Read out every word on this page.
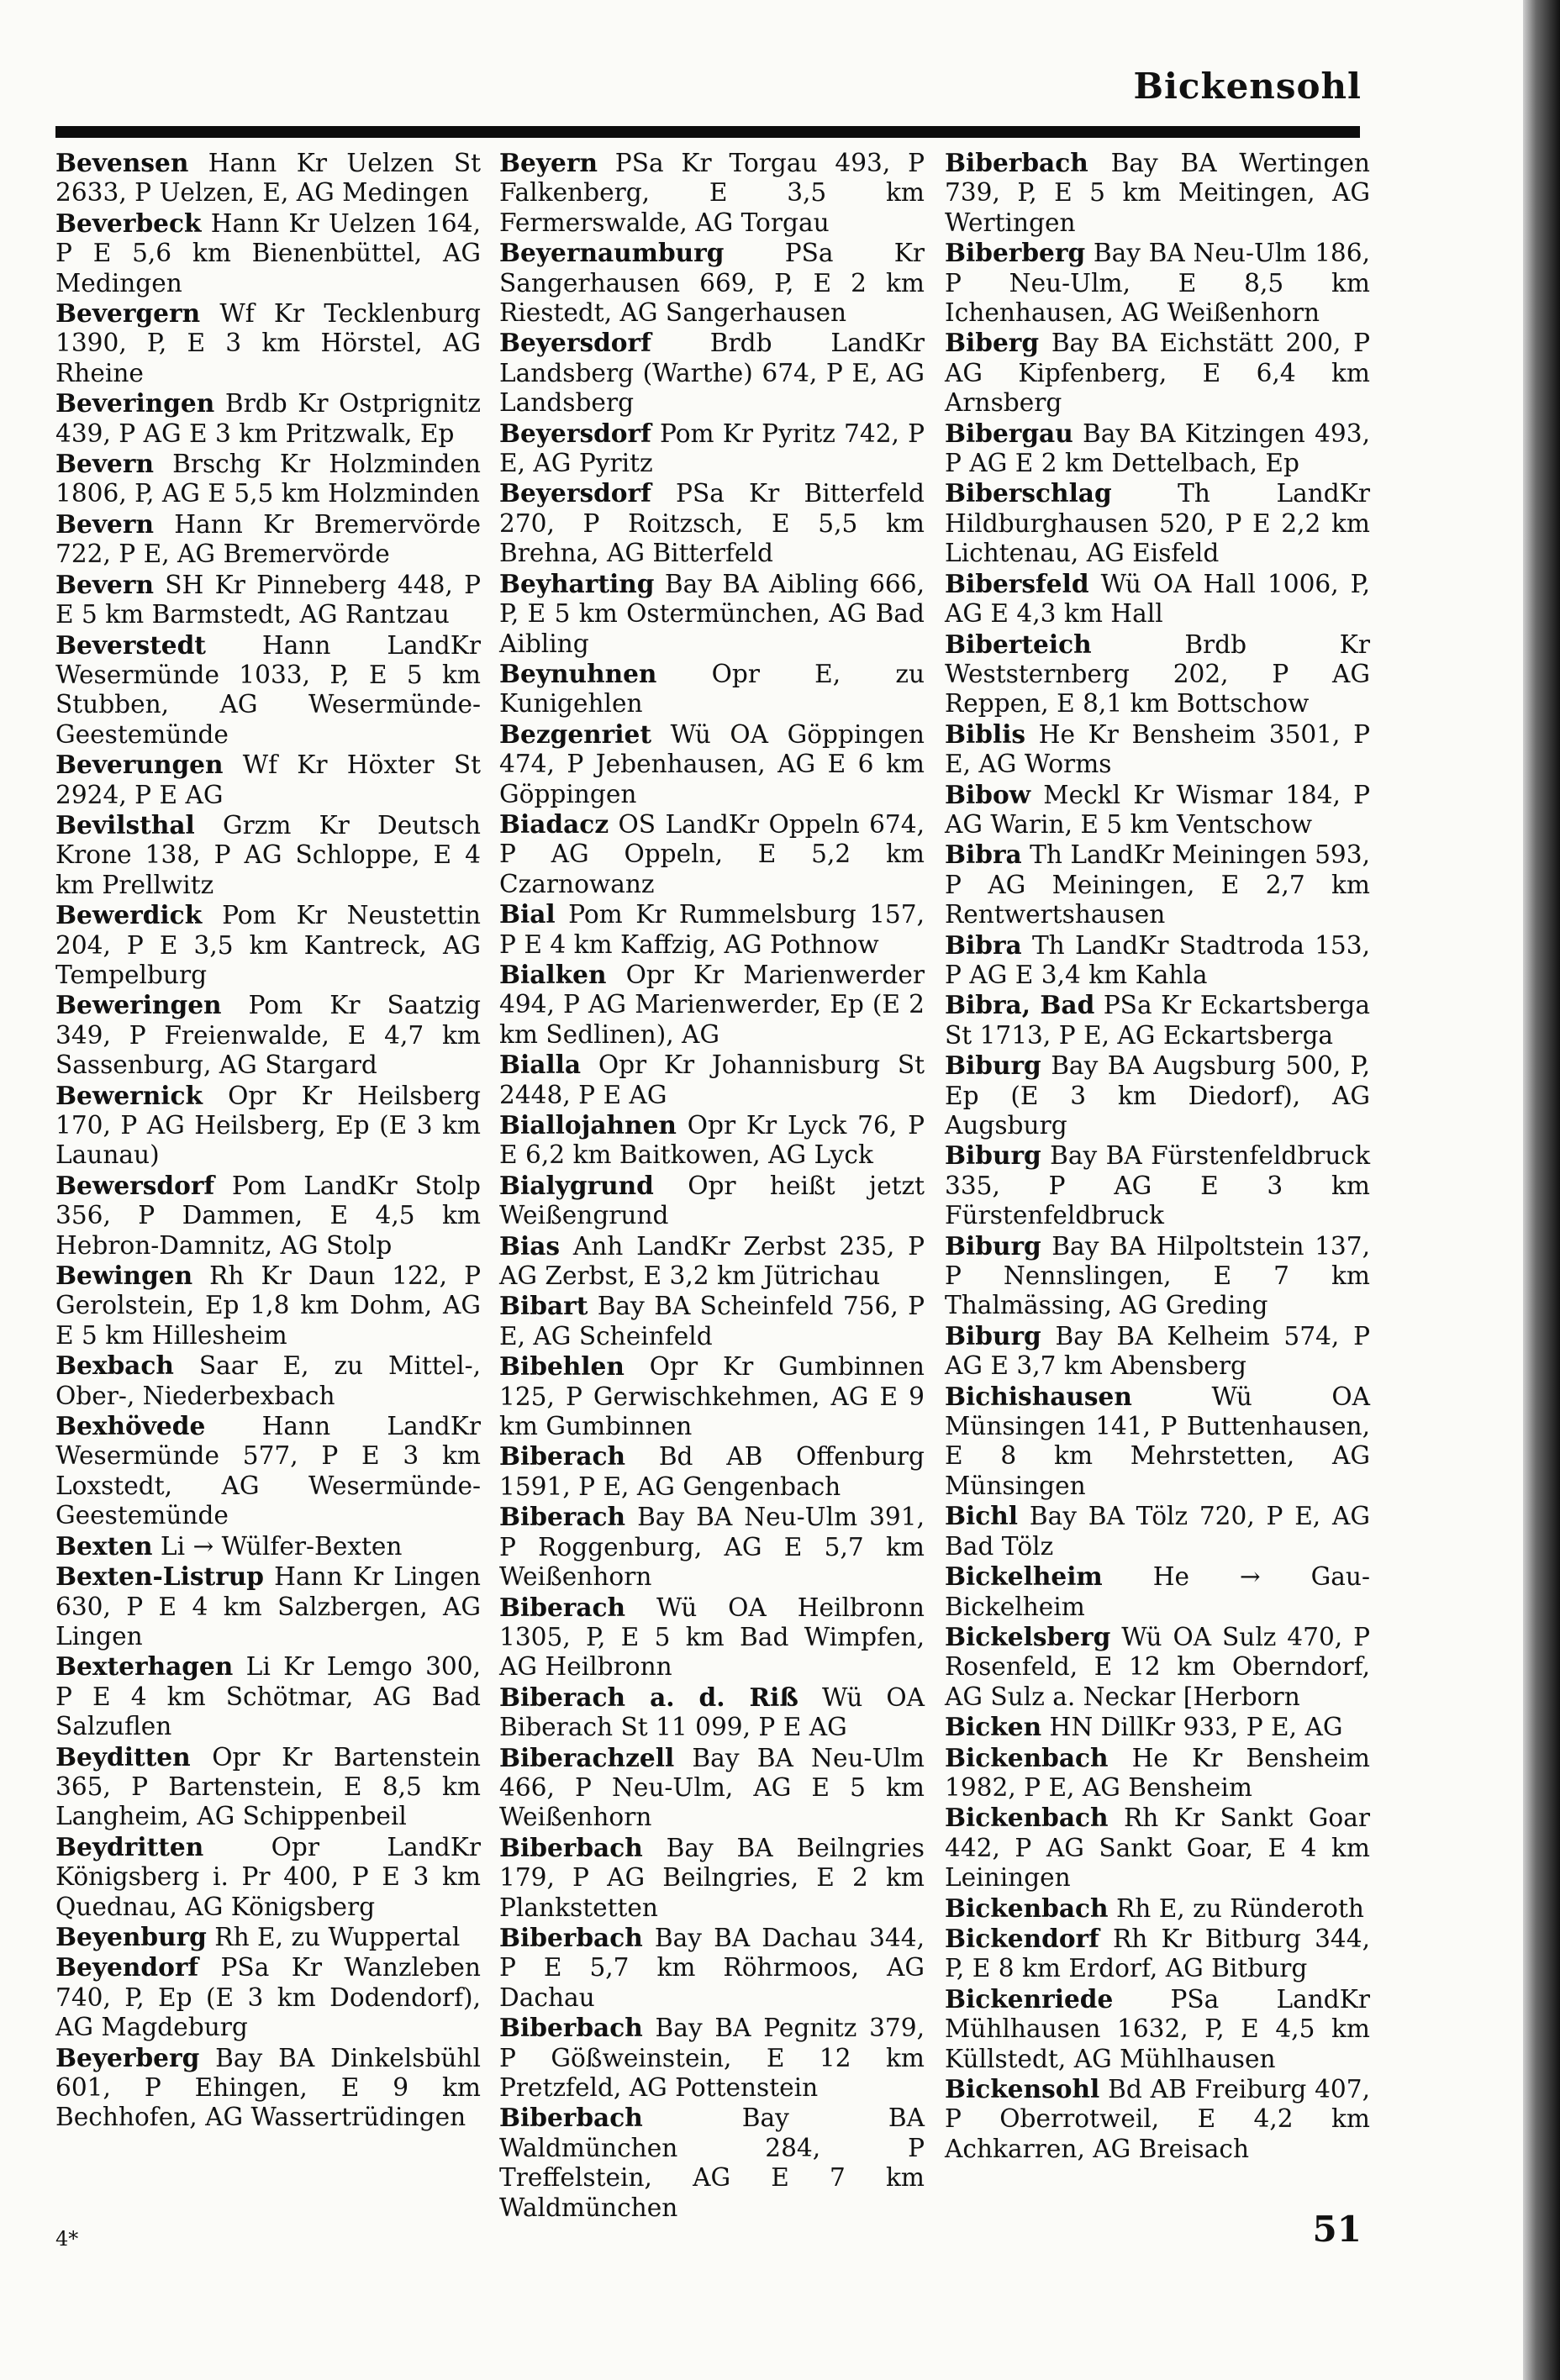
Bickensohl

Bevensen Hann Kr Uelzen St 2633, P Uelzen, E, AG Medingen

Beverbeck Hann Kr Uelzen 164, P E 5,6 km Bienenbüttel, AG Medingen

Bevergern Wf Kr Tecklenburg 1390, P, E 3 km Hörstel, AG Rheine

Beveringen Brdb Kr Ostprignitz 439, P AG E 3 km Pritzwalk, Ep

Bevern Brschg Kr Holzminden 1806, P, AG E 5,5 km Holzminden

Bevern Hann Kr Bremervörde 722, P E, AG Bremervörde

Bevern SH Kr Pinneberg 448, P E 5 km Barmstedt, AG Rantzau

Beverstedt Hann LandKr Wesermünde 1033, P, E 5 km Stubben, AG Wesermünde-Geestemünde

Beverungen Wf Kr Höxter St 2924, P E AG

Bevilsthal Grzm Kr Deutsch Krone 138, P AG Schloppe, E 4 km Prellwitz

Bewerdick Pom Kr Neustettin 204, P E 3,5 km Kantreck, AG Tempelburg

Beweringen Pom Kr Saatzig 349, P Freienwalde, E 4,7 km Sassenburg, AG Stargard

Bewernick Opr Kr Heilsberg 170, P AG Heilsberg, Ep (E 3 km Launau)

Bewersdorf Pom LandKr Stolp 356, P Dammen, E 4,5 km Hebron-Damnitz, AG Stolp

Bewingen Rh Kr Daun 122, P Gerolstein, Ep 1,8 km Dohm, AG E 5 km Hillesheim

Bexbach Saar E, zu Mittel-, Ober-, Niederbexbach

Bexhövede Hann LandKr Wesermünde 577, P E 3 km Loxstedt, AG Wesermünde-Geestemünde

Bexten Li → Wülfer-Bexten

Bexten-Listrup Hann Kr Lingen 630, P E 4 km Salzbergen, AG Lingen

Bexterhagen Li Kr Lemgo 300, P E 4 km Schötmar, AG Bad Salzuflen

Beyditten Opr Kr Bartenstein 365, P Bartenstein, E 8,5 km Langheim, AG Schippenbeil

Beydritten	Opr LandKr Königsberg i. Pr 400, P E 3 km Quednau, AG Königsberg

Beyenburg Rh E, zu Wuppertal

Beyendorf PSa Kr Wanzleben 740, P, Ep (E 3 km Dodendorf), AG Magdeburg

Beyerberg Bay BA Dinkelsbühl 601, P Ehingen, E 9 km Bechhofen, AG Wassertrüdingen

Beyern PSa Kr Torgau 493, P Falkenberg, E 3,5 km Fermerswalde, AG Torgau

Beyernaumburg PSa Kr Sangerhausen 669, P, E 2 km Riestedt, AG Sangerhausen

Beyersdorf Brdb LandKr Landsberg (Warthe) 674, P E, AG Landsberg

Beyersdorf Pom Kr Pyritz 742, P E, AG Pyritz

Beyersdorf PSa Kr Bitterfeld 270, P Roitzsch, E 5,5 km Brehna, AG Bitterfeld

Beyharting Bay BA Aibling 666, P, E 5 km Ostermünchen, AG Bad Aibling

Beynuhnen Opr E, zu Kunigehlen

Bezgenriet Wü OA Göppingen 474, P Jebenhausen, AG E 6 km Göppingen

Biadacz OS LandKr Oppeln 674, P AG Oppeln, E 5,2 km Czarnowanz

Bial Pom Kr Rummelsburg 157, P E 4 km Kaffzig, AG Pothnow

Bialken Opr Kr Marienwerder 494, P AG Marienwerder, Ep (E 2 km Sedlinen), AG

Bialla Opr Kr Johannisburg St 2448, P E AG

Biallojahnen Opr Kr Lyck 76, P E 6,2 km Baitkowen, AG Lyck

Bialygrund Opr heißt jetzt Weißengrund

Bias Anh LandKr Zerbst 235, P AG Zerbst, E 3,2 km Jütrichau

Bibart Bay BA Scheinfeld 756, P E, AG Scheinfeld

Bibehlen Opr Kr Gumbinnen 125, P Gerwischkehmen, AG E 9 km Gumbinnen

Biberach Bd AB Offenburg 1591, P E, AG Gengenbach

Biberach Bay BA Neu-Ulm 391, P Roggenburg, AG E 5,7 km Weißenhorn

Biberach Wü OA Heilbronn 1305, P, E 5 km Bad Wimpfen, AG Heilbronn

Biberach a. d. Riß Wü OA Biberach St 11 099, P E AG

Biberachzell Bay BA Neu-Ulm 466, P Neu-Ulm, AG E 5 km Weißenhorn

Biberbach Bay BA Beilngries 179, P AG Beilngries, E 2 km Plankstetten

Biberbach Bay BA Dachau 344, P E 5,7 km Röhrmoos, AG Dachau

Biberbach Bay BA Pegnitz 379, P Gößweinstein, E 12 km Pretzfeld, AG Pottenstein

Biberbach	Bay BA Waldmünchen 284, P Treffelstein, AG E 7 km Waldmünchen

Biberbach Bay BA Wertingen 739, P, E 5 km Meitingen, AG Wertingen

Biberberg Bay BA Neu-Ulm 186, P Neu-Ulm, E 8,5 km Ichenhausen, AG Weißenhorn

Biberg Bay BA Eichstätt 200, P AG Kipfenberg, E 6,4 km Arnsberg

Bibergau Bay BA Kitzingen 493, P AG E 2 km Dettelbach, Ep

Biberschlag	Th LandKr Hildburghausen 520, P E 2,2 km Lichtenau, AG Eisfeld

Bibersfeld Wü OA Hall 1006, P, AG E 4,3 km Hall

Biberteich	Brdb Kr Weststernberg 202, P AG Reppen, E 8,1 km Bottschow

Biblis He Kr Bensheim 3501, P E, AG Worms

Bibow Meckl Kr Wismar 184, P AG Warin, E 5 km Ventschow

Bibra Th LandKr Meiningen 593, P AG Meiningen, E 2,7 km Rentwertshausen

Bibra Th LandKr Stadtroda 153, P AG E 3,4 km Kahla

Bibra, Bad PSa Kr Eckartsberga St 1713, P E, AG Eckartsberga

Biburg Bay BA Augsburg 500, P, Ep (E 3 km Diedorf), AG Augsburg

Biburg Bay BA Fürstenfeldbruck 335, P AG E 3 km Fürstenfeldbruck

Biburg Bay BA Hilpoltstein 137, P Nennslingen, E 7 km Thalmässing, AG Greding

Biburg Bay BA Kelheim 574, P AG E 3,7 km Abensberg

Bichishausen	Wü OA Münsingen 141, P Buttenhausen, E 8 km Mehrstetten, AG Münsingen

Bichl Bay BA Tölz 720, P E, AG Bad Tölz

Bickelheim He → Gau-Bickelheim

Bickelsberg Wü OA Sulz 470, P Rosenfeld, E 12 km Oberndorf, AG Sulz a. Neckar [Herborn

Bicken HN DillKr 933, P E, AG

Bickenbach He Kr Bensheim 1982, P E, AG Bensheim

Bickenbach Rh Kr Sankt Goar 442, P AG Sankt Goar, E 4 km Leiningen

Bickenbach Rh E, zu Ründeroth

Bickendorf Rh Kr Bitburg 344, P, E 8 km Erdorf, AG Bitburg

Bickenriede PSa LandKr Mühlhausen 1632, P, E 4,5 km Küllstedt, AG Mühlhausen

Bickensohl Bd AB Freiburg 407, P Oberrotweil, E 4,2 km Achkarren, AG Breisach

4*	51
